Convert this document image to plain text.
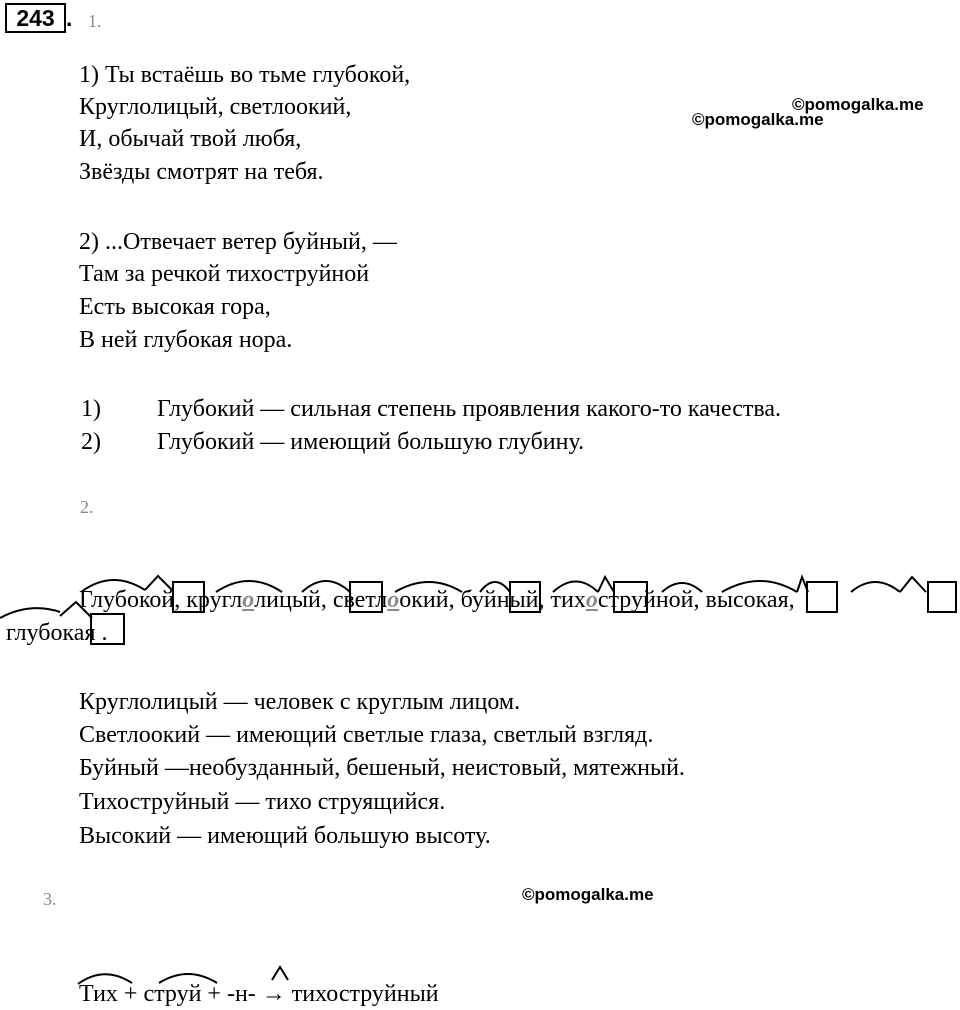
243 . 1.
©pomogalka.me
©pomogalka.me
©pomogalka.me
1) Ты встаёшь во тьме глубокой,
Круглолицый, светлоокий,
И, обычай твой любя,
Звёзды смотрят на тебя.
2) ...Отвечает ветер буйный, —
Там за речкой тихоструйной
Есть высокая гора,
В ней глубокая нора.
1) Глубокий — сильная степень проявления какого-то качества.
2) Глубокий — имеющий большую глубину.
2.
Глубокой, круглолицый, светлоокий, буйный, тихоструйной, высокая,
глубокая .
Круглолицый — человек с круглым лицом.
Светлоокий — имеющий светлые глаза, светлый взгляд.
Буйный —необузданный, бешеный, неистовый, мятежный.
Тихоструйный — тихо струящийся.
Высокий — имеющий большую высоту.
3.
Тих + струй + -н- → тихоструйный
